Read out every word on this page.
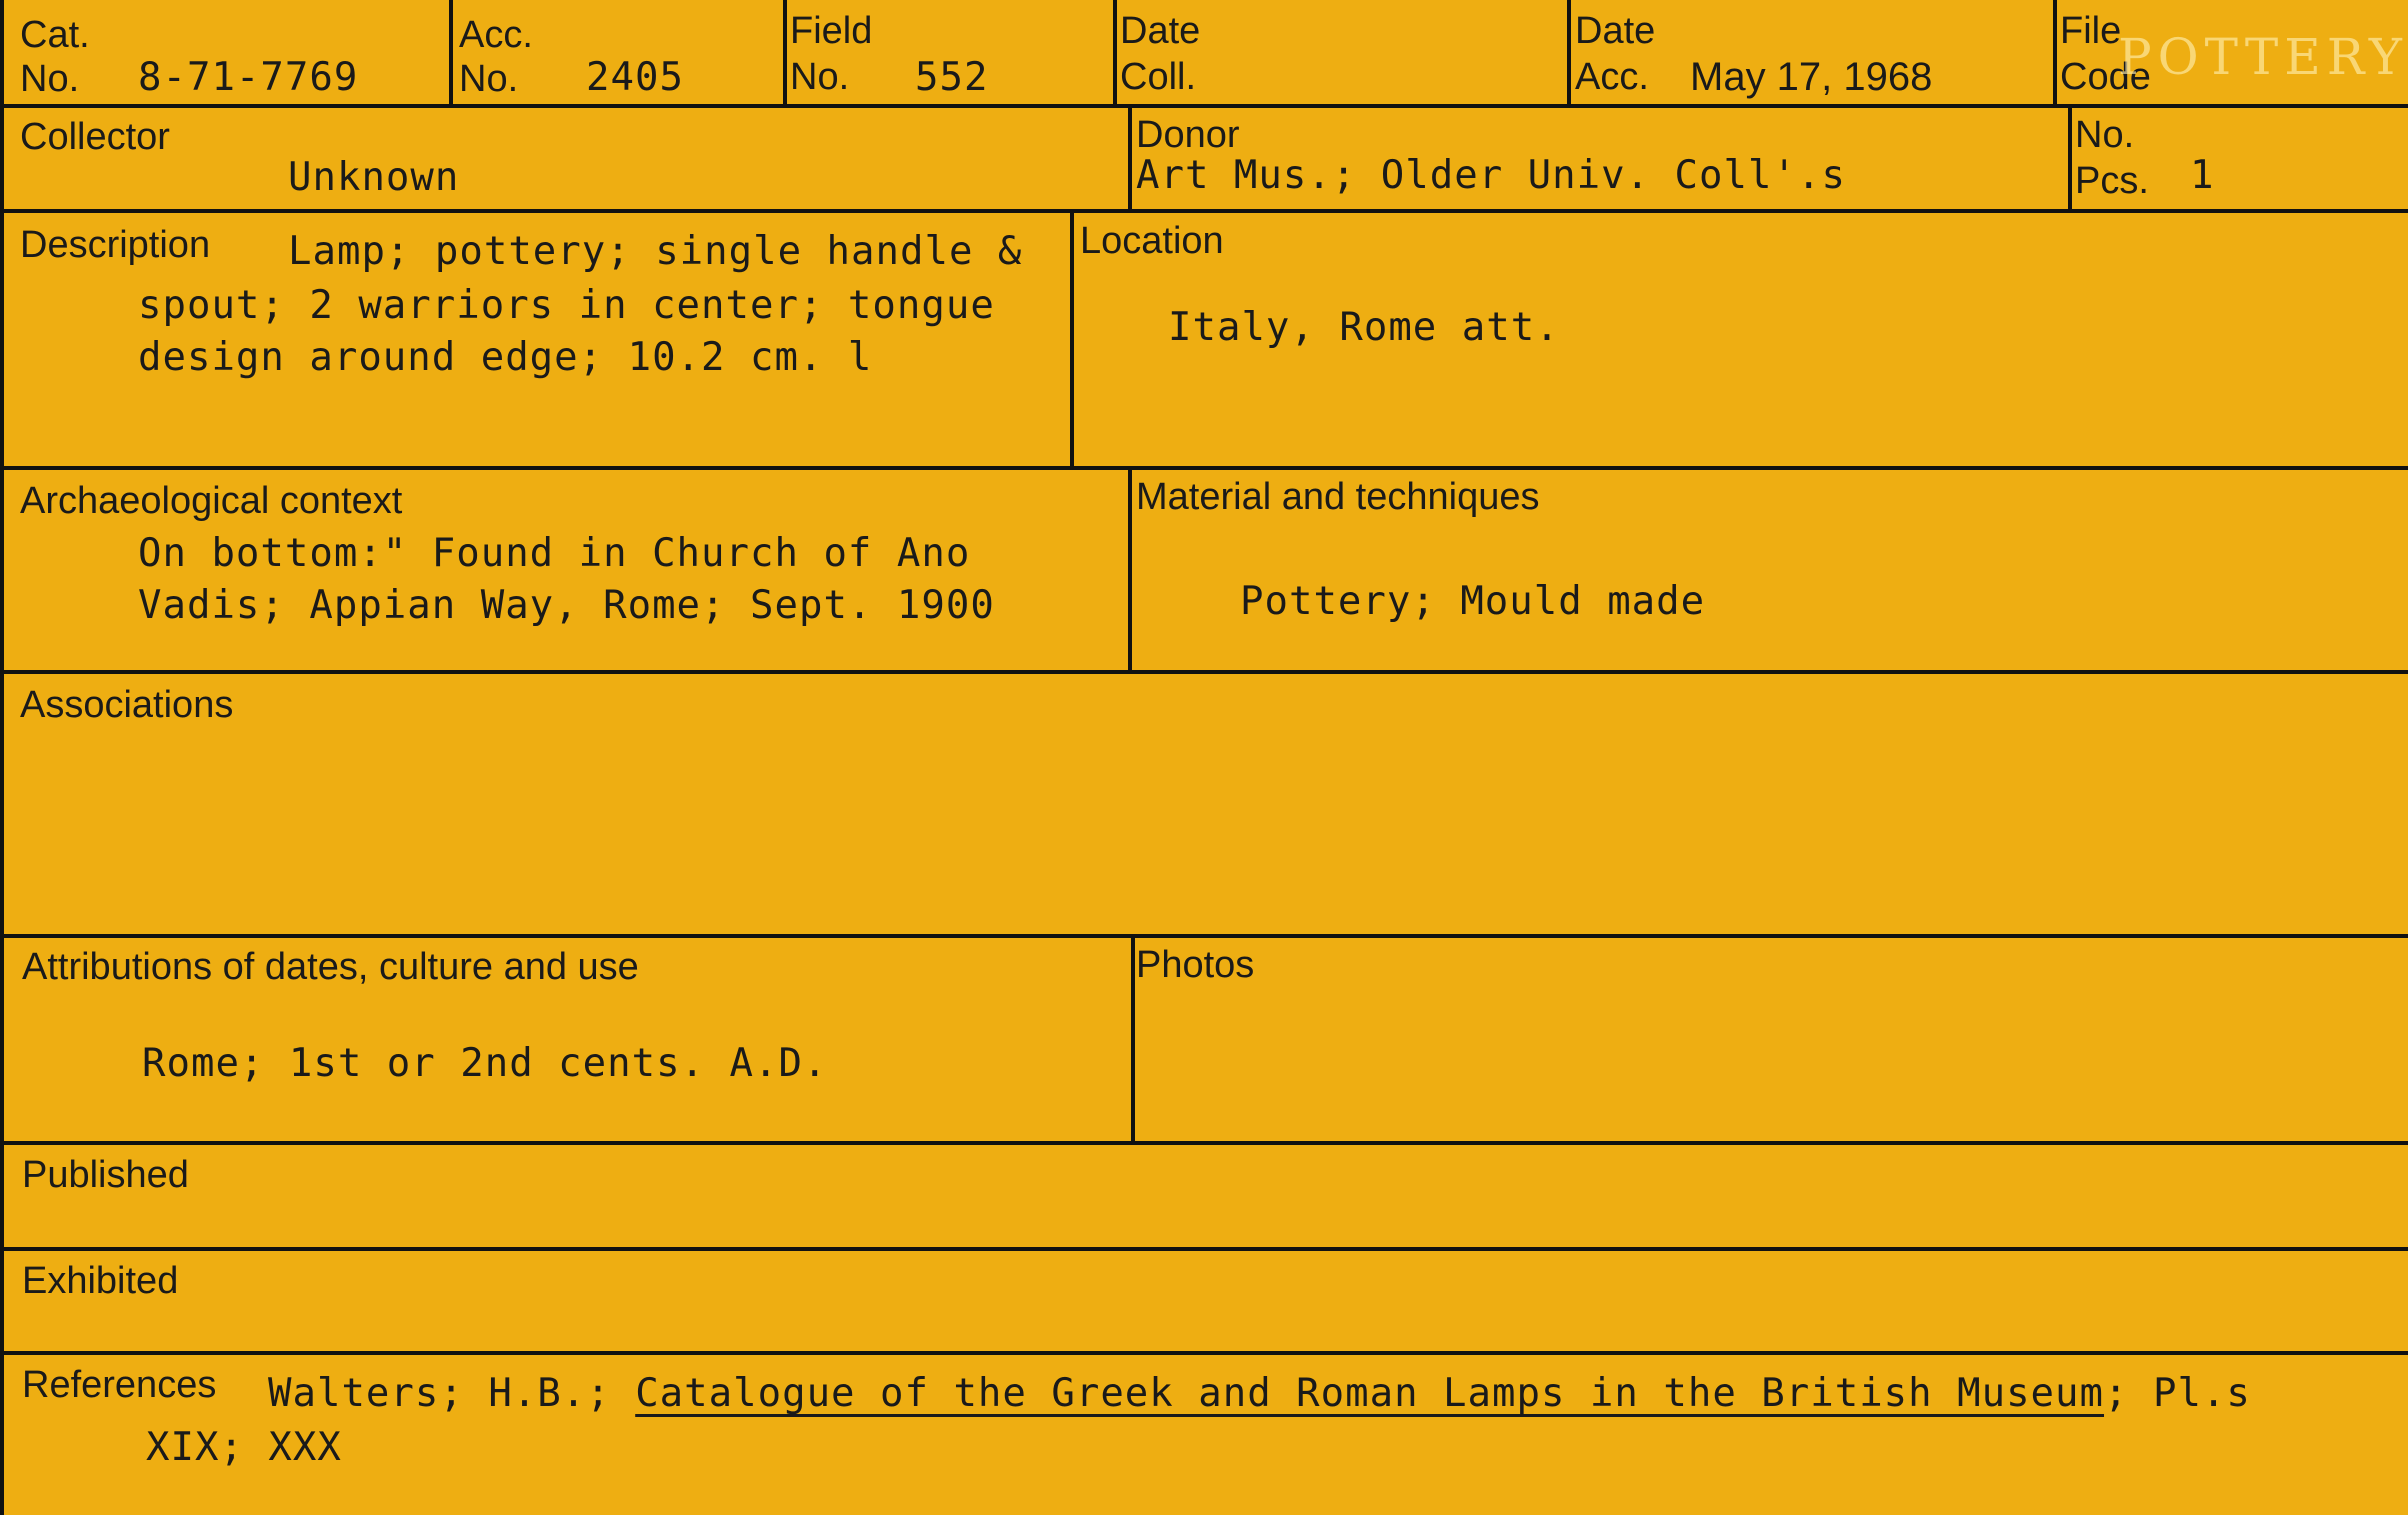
Cat.
No. 8-71-7769
Acc.
No. 2405
Field
No. 552
Date
Coll.
Date
Acc. May 17, 1968
File
Code
POTTERY
Collector
Unknown
Donor
Art Mus.; Older Univ. Coll'.s
No.
Pcs. 1
Description Lamp; pottery; single handle &
spout; 2 warriors in center; tongue
design around edge; 10.2 cm. l
Location
Italy, Rome att.
Archaeological context
On bottom:" Found in Church of Ano
Vadis; Appian Way, Rome; Sept. 1900
Material and techniques
Pottery; Mould made
Associations
Attributions of dates, culture and use
Rome; 1st or 2nd cents. A.D.
Photos
Published
Exhibited
References Walters; H.B.; Catalogue of the Greek and Roman Lamps in the British Museum; Pl.s
XIX; XXX
